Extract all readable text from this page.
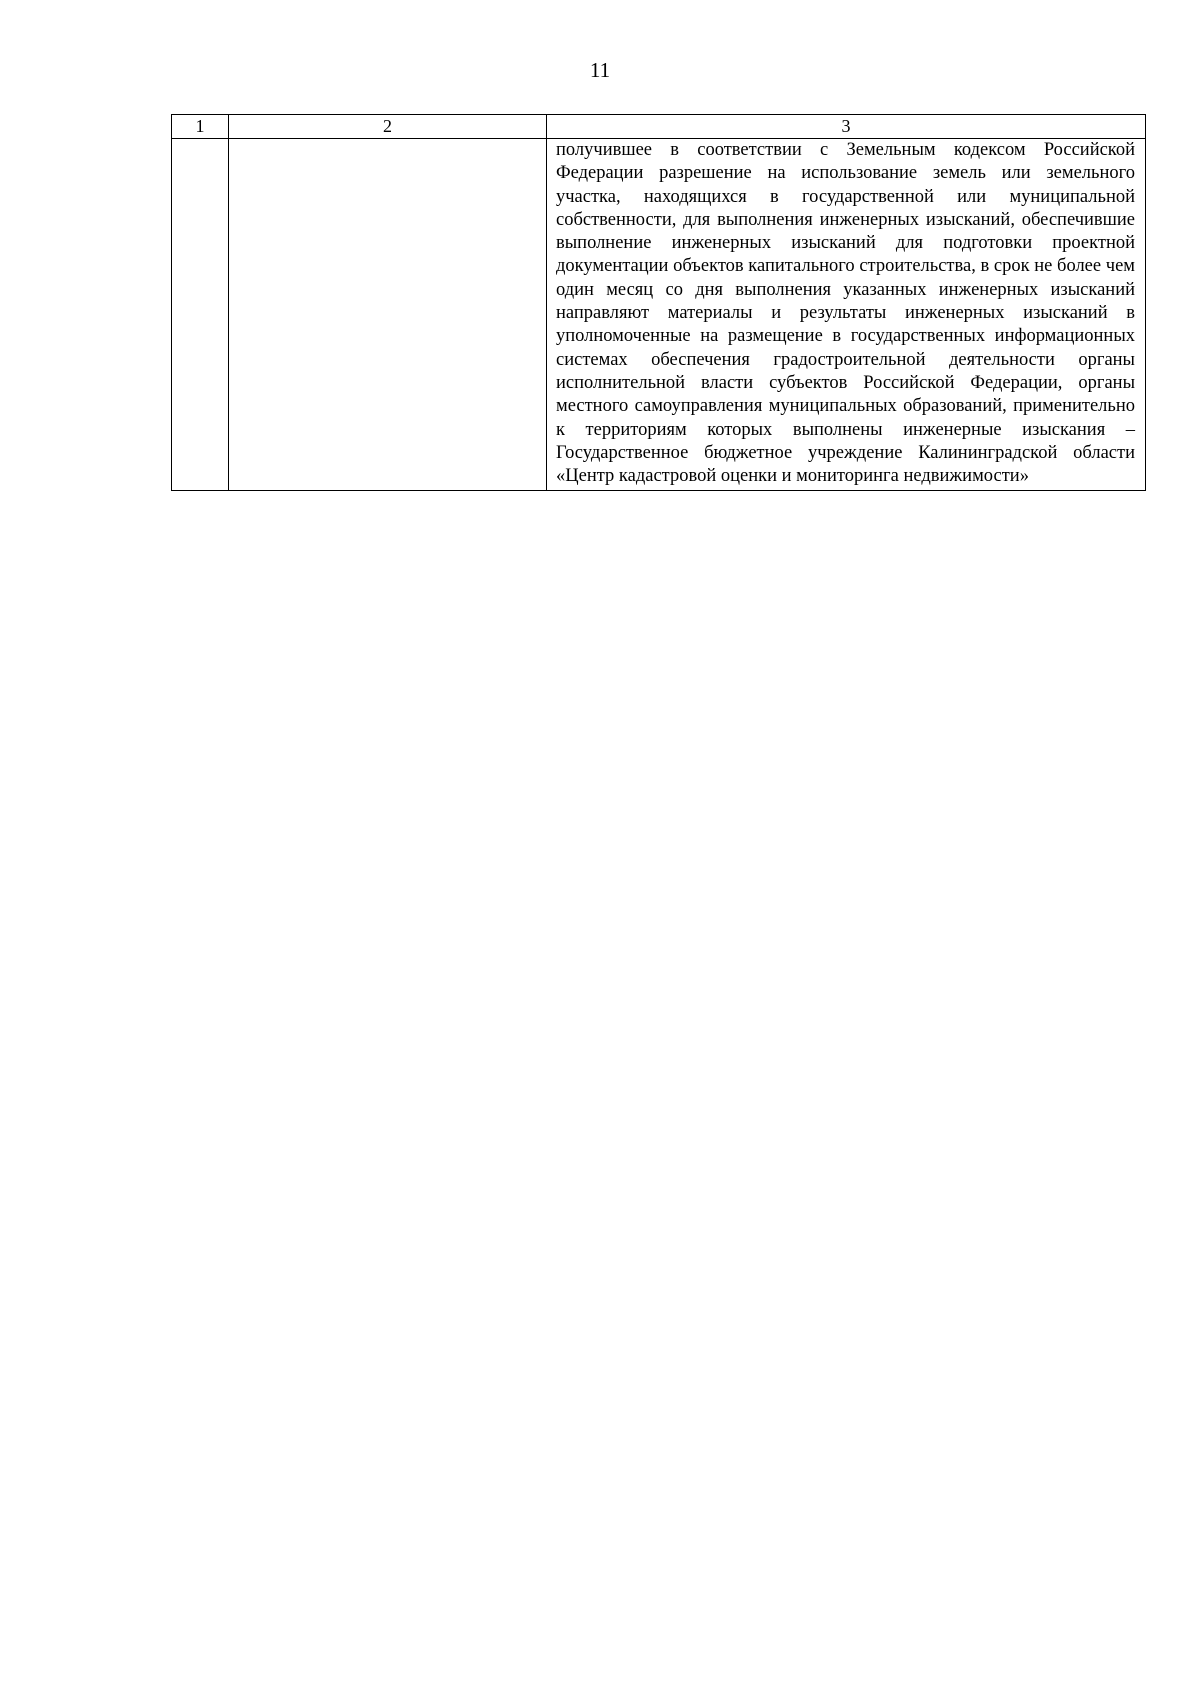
11
1	2	3

		получившее в соответствии с Земельным кодексом Российской Федерации разрешение на использование земель или земельного участка, находящихся в государственной или муниципальной собственности, для выполнения инженерных изысканий, обеспечившие выполнение инженерных изысканий для подготовки проектной документации объектов капитального строительства, в срок не более чем один месяц со дня выполнения указанных инженерных изысканий направляют материалы и результаты инженерных изысканий в уполномоченные на размещение в государственных информационных системах обеспечения градостроительной деятельности органы исполнительной власти субъектов Российской Федерации, органы местного самоуправления муниципальных образований, применительно к территориям которых выполнены инженерные изыскания – Государственное бюджетное учреждение Калининградской области «Центр кадастровой оценки и мониторинга недвижимости»
